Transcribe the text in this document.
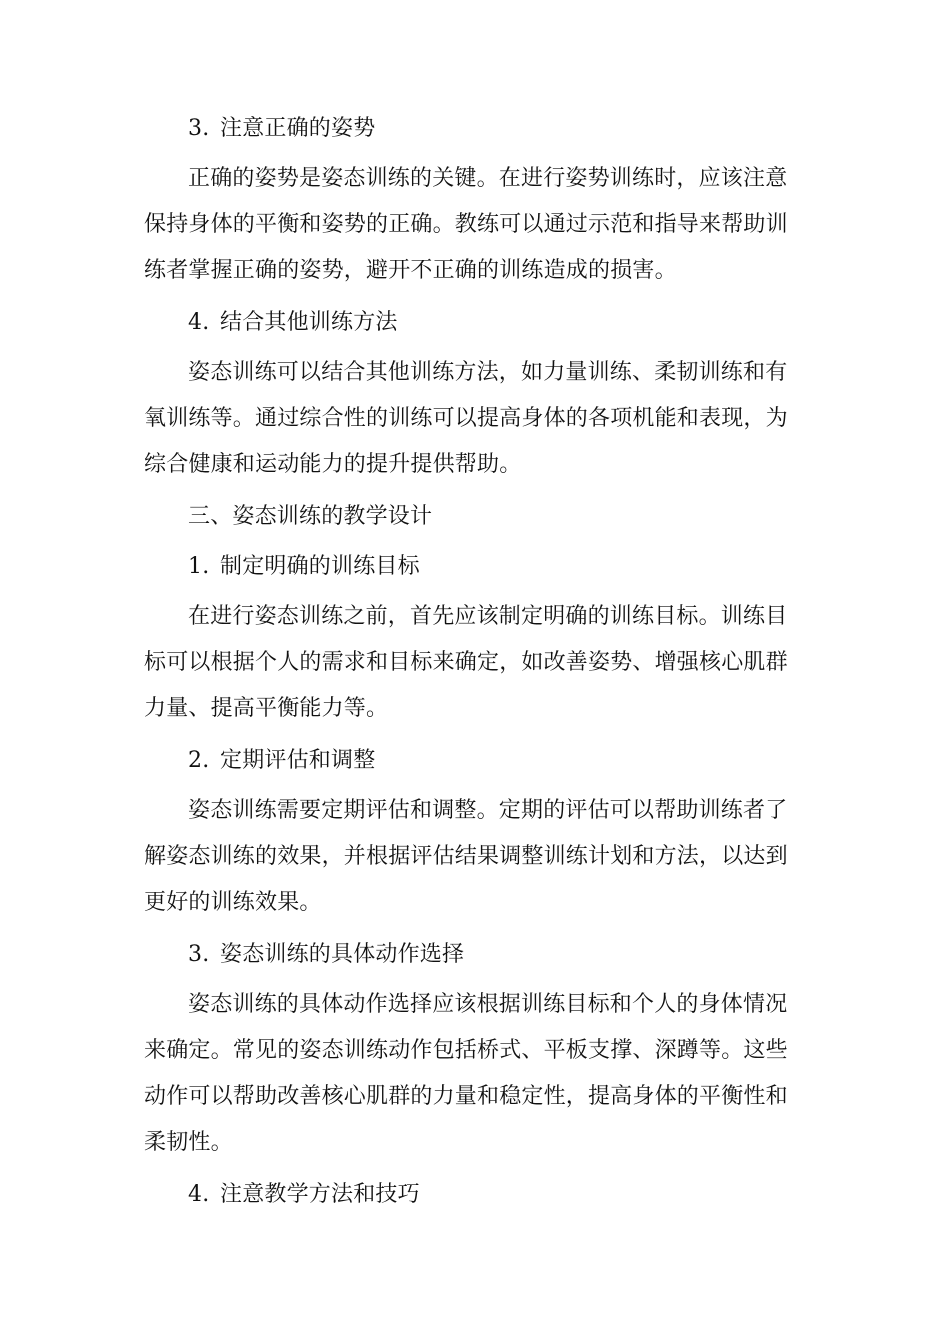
3. 注意正确的姿势
正确的姿势是姿态训练的关键。在进行姿势训练时，应该注意
保持身体的平衡和姿势的正确。教练可以通过示范和指导来帮助训
练者掌握正确的姿势，避开不正确的训练造成的损害。
4. 结合其他训练方法
姿态训练可以结合其他训练方法，如力量训练、柔韧训练和有
氧训练等。通过综合性的训练可以提高身体的各项机能和表现，为
综合健康和运动能力的提升提供帮助。
三、姿态训练的教学设计
1. 制定明确的训练目标
在进行姿态训练之前，首先应该制定明确的训练目标。训练目
标可以根据个人的需求和目标来确定，如改善姿势、增强核心肌群
力量、提高平衡能力等。
2. 定期评估和调整
姿态训练需要定期评估和调整。定期的评估可以帮助训练者了
解姿态训练的效果，并根据评估结果调整训练计划和方法，以达到
更好的训练效果。
3. 姿态训练的具体动作选择
姿态训练的具体动作选择应该根据训练目标和个人的身体情况
来确定。常见的姿态训练动作包括桥式、平板支撑、深蹲等。这些
动作可以帮助改善核心肌群的力量和稳定性，提高身体的平衡性和
柔韧性。
4. 注意教学方法和技巧
